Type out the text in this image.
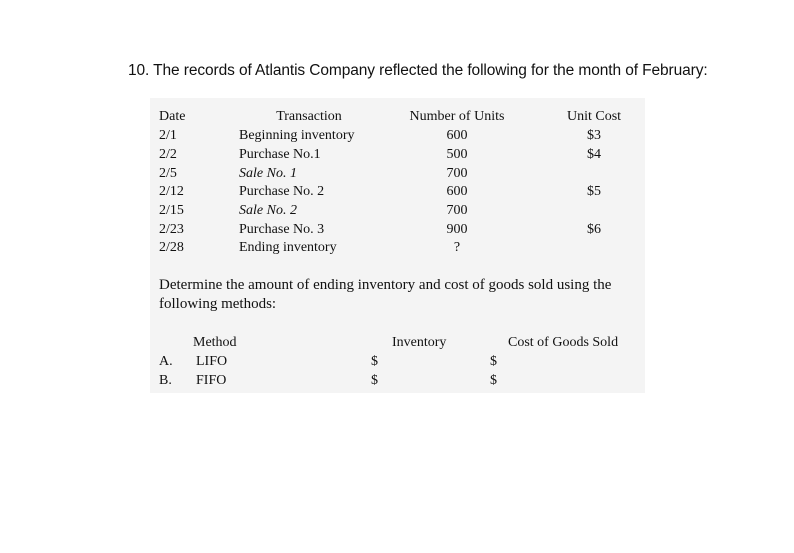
10. The records of Atlantis Company reflected the following for the month of February:
Date	Transaction	Number of Units	Unit Cost
2/1	Beginning inventory	600	$3
2/2	Purchase No.1	500	$4
2/5	Sale No. 1	700
2/12	Purchase No. 2	600	$5
2/15	Sale No. 2	700
2/23	Purchase No. 3	900	$6
2/28	Ending inventory	?
Determine the amount of ending inventory and cost of goods sold using the following methods:
Method	Inventory	Cost of Goods Sold
A. LIFO	$	$
B. FIFO	$	$
